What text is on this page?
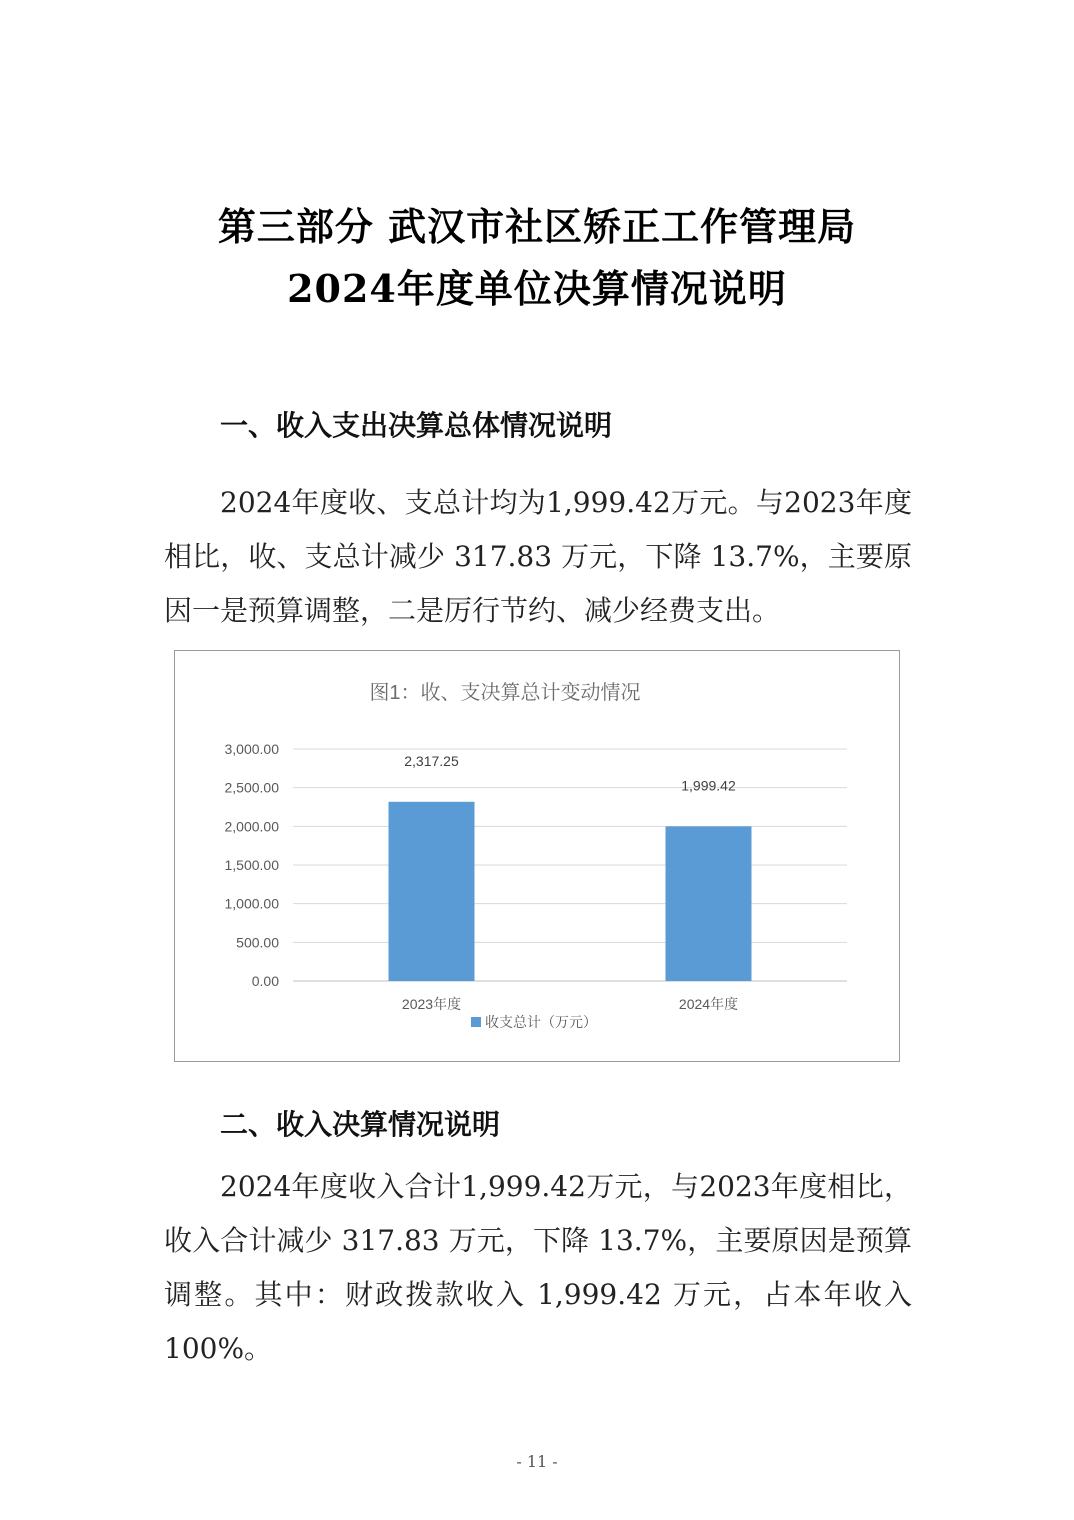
第三部分 武汉市社区矫正工作管理局
2024年度单位决算情况说明
一、收入支出决算总体情况说明

2024年度收、支总计均为1,999.42万元。与2023年度相比，收、支总计减少 317.83 万元，下降 13.7%，主要原因一是预算调整，二是厉行节约、减少经费支出。

图1：收、支决算总计变动情况
0.00
500.00
1,000.00
1,500.00
2,000.00
2,500.00
3,000.00
2,317.25
2023年度
1,999.42
2024年度
收支总计（万元）
二、收入决算情况说明

2024年度收入合计1,999.42万元，与2023年度相比，收入合计减少 317.83 万元，下降 13.7%，主要原因是预算调整。其中：财政拨款收入 1,999.42 万元，占本年收入100%。

- 11 -
